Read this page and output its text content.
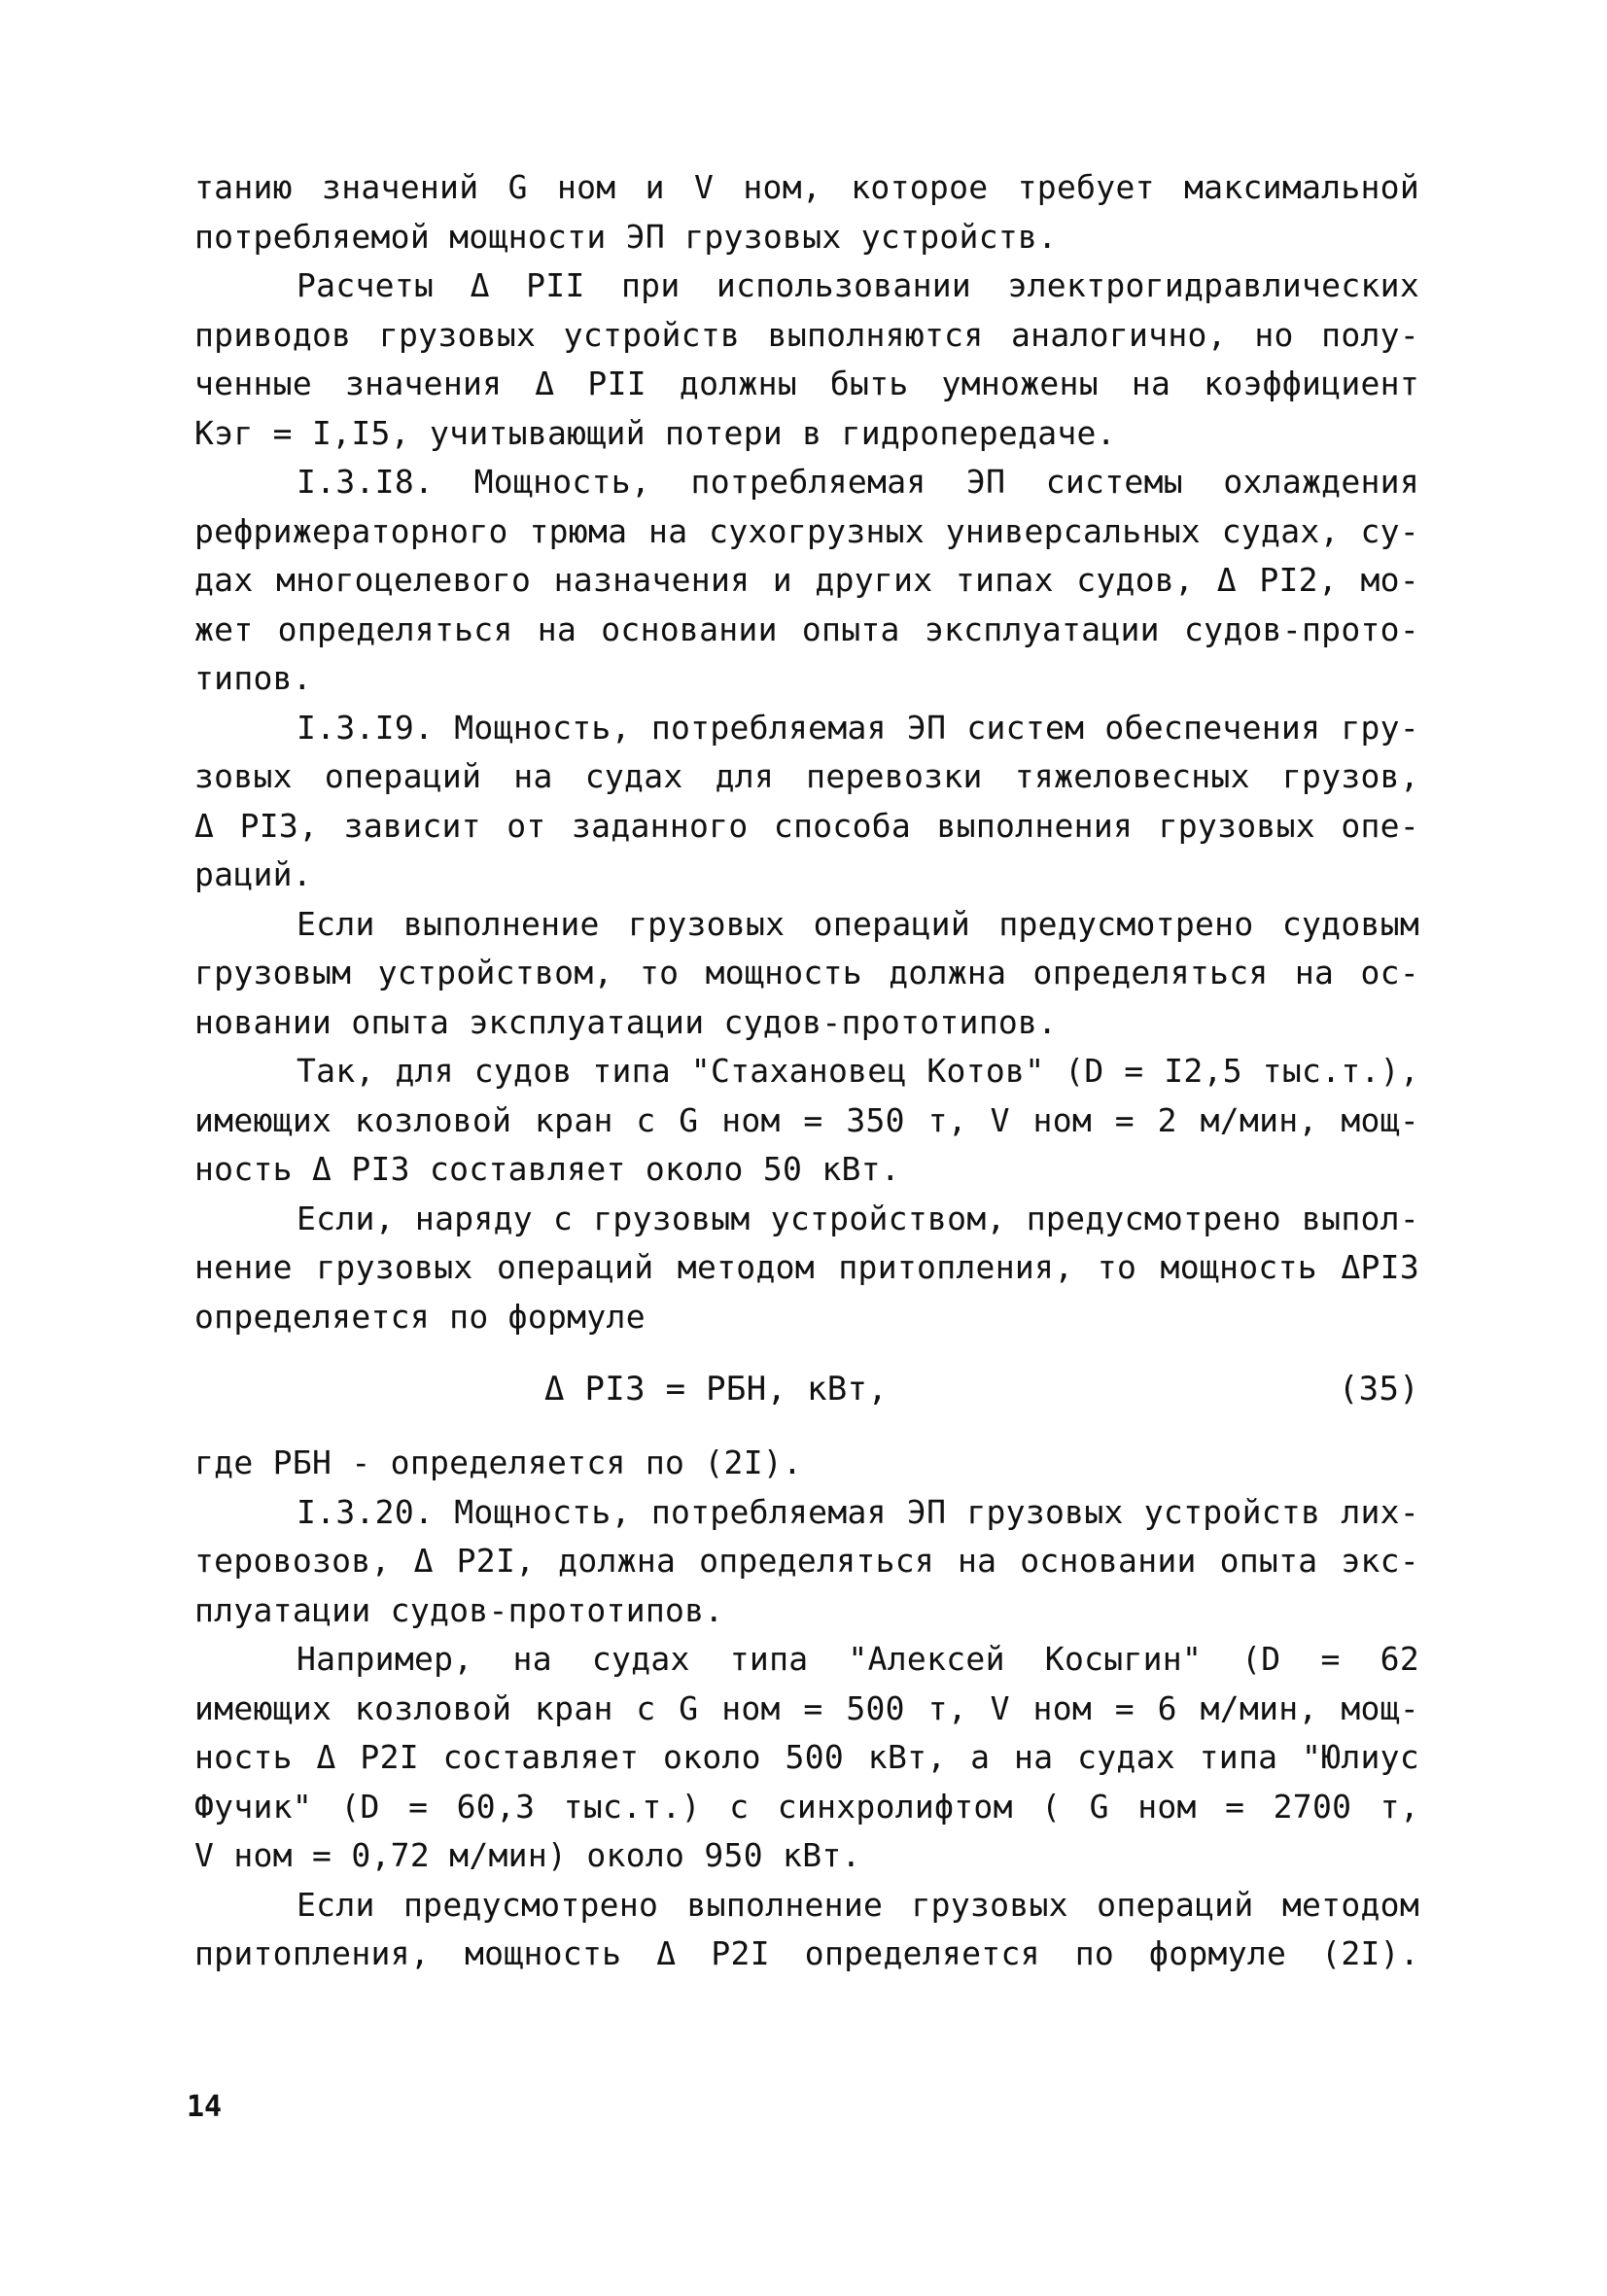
танию значений G ном и V ном, которое требует максимальной
потребляемой мощности ЭП грузовых устройств.
Расчеты Δ PII при использовании электрогидравлических
приводов грузовых устройств выполняются аналогично, но полу-
ченные значения Δ PII должны быть умножены на коэффициент
Kэг = I,I5, учитывающий потери в гидропередаче.
I.3.I8. Мощность, потребляемая ЭП системы охлаждения
рефрижераторного трюма на сухогрузных универсальных судах, су-
дах многоцелевого назначения и других типах судов, Δ PI2, мо-
жет определяться на основании опыта эксплуатации судов-прото-
типов.
I.3.I9. Мощность, потребляемая ЭП систем обеспечения гру-
зовых операций на судах для перевозки тяжеловесных грузов,
Δ PI3, зависит от заданного способа выполнения грузовых опе-
раций.
Если выполнение грузовых операций предусмотрено судовым
грузовым устройством, то мощность должна определяться на ос-
новании опыта эксплуатации судов-прототипов.
Так, для судов типа "Стахановец Котов" (D = I2,5 тыс.т.),
имеющих козловой кран с G ном = 350 т, V ном = 2 м/мин, мощ-
ность Δ PI3 составляет около 50 кВт.
Если, наряду с грузовым устройством, предусмотрено выпол-
нение грузовых операций методом притопления, то мощность ΔPI3
определяется по формуле
Δ PI3 = PБН, кВт,	(35)
где PБН - определяется по (2I).
I.3.20. Мощность, потребляемая ЭП грузовых устройств лих-
теровозов, Δ P2I, должна определяться на основании опыта экс-
плуатации судов-прототипов.
Например, на судах типа "Алексей Косыгин" (D = 62
имеющих козловой кран с G ном = 500 т, V ном = 6 м/мин, мощ-
ность Δ P2I составляет около 500 кВт, а на судах типа "Юлиус
Фучик" (D = 60,3 тыс.т.) с синхролифтом ( G ном = 2700 т,
V ном = 0,72 м/мин) около 950 кВт.
Если предусмотрено выполнение грузовых операций методом
притопления, мощность Δ P2I определяется по формуле (2I).
14
